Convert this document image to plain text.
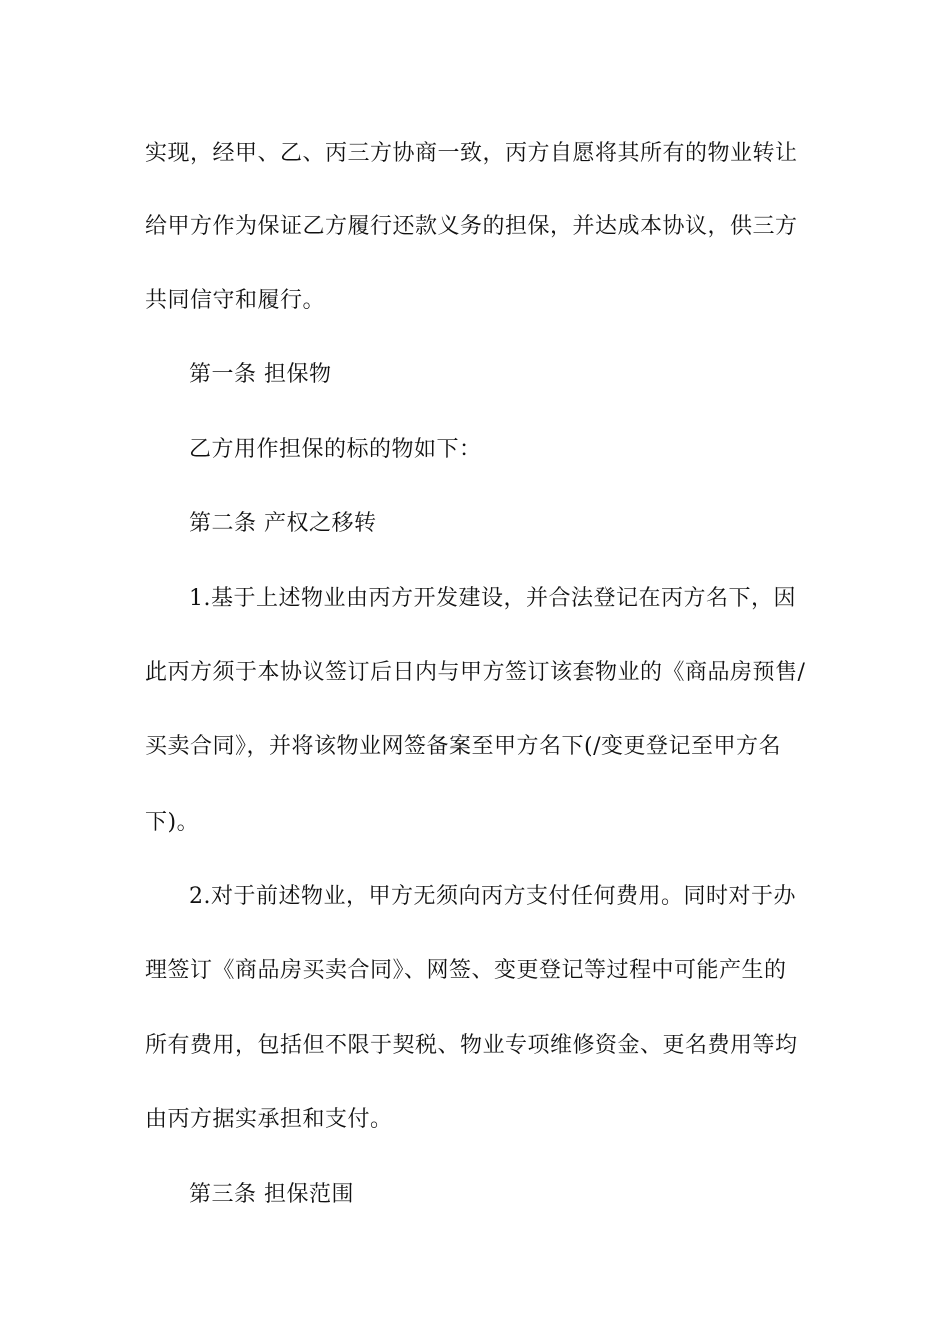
实现，经甲、乙、丙三方协商一致，丙方自愿将其所有的物业转让
给甲方作为保证乙方履行还款义务的担保，并达成本协议，供三方
共同信守和履行。
第一条 担保物
乙方用作担保的标的物如下：
第二条 产权之移转
1.基于上述物业由丙方开发建设，并合法登记在丙方名下，因
此丙方须于本协议签订后日内与甲方签订该套物业的《商品房预售/
买卖合同》，并将该物业网签备案至甲方名下(/变更登记至甲方名
下)。
2.对于前述物业，甲方无须向丙方支付任何费用。同时对于办
理签订《商品房买卖合同》、网签、变更登记等过程中可能产生的
所有费用，包括但不限于契税、物业专项维修资金、更名费用等均
由丙方据实承担和支付。
第三条 担保范围
